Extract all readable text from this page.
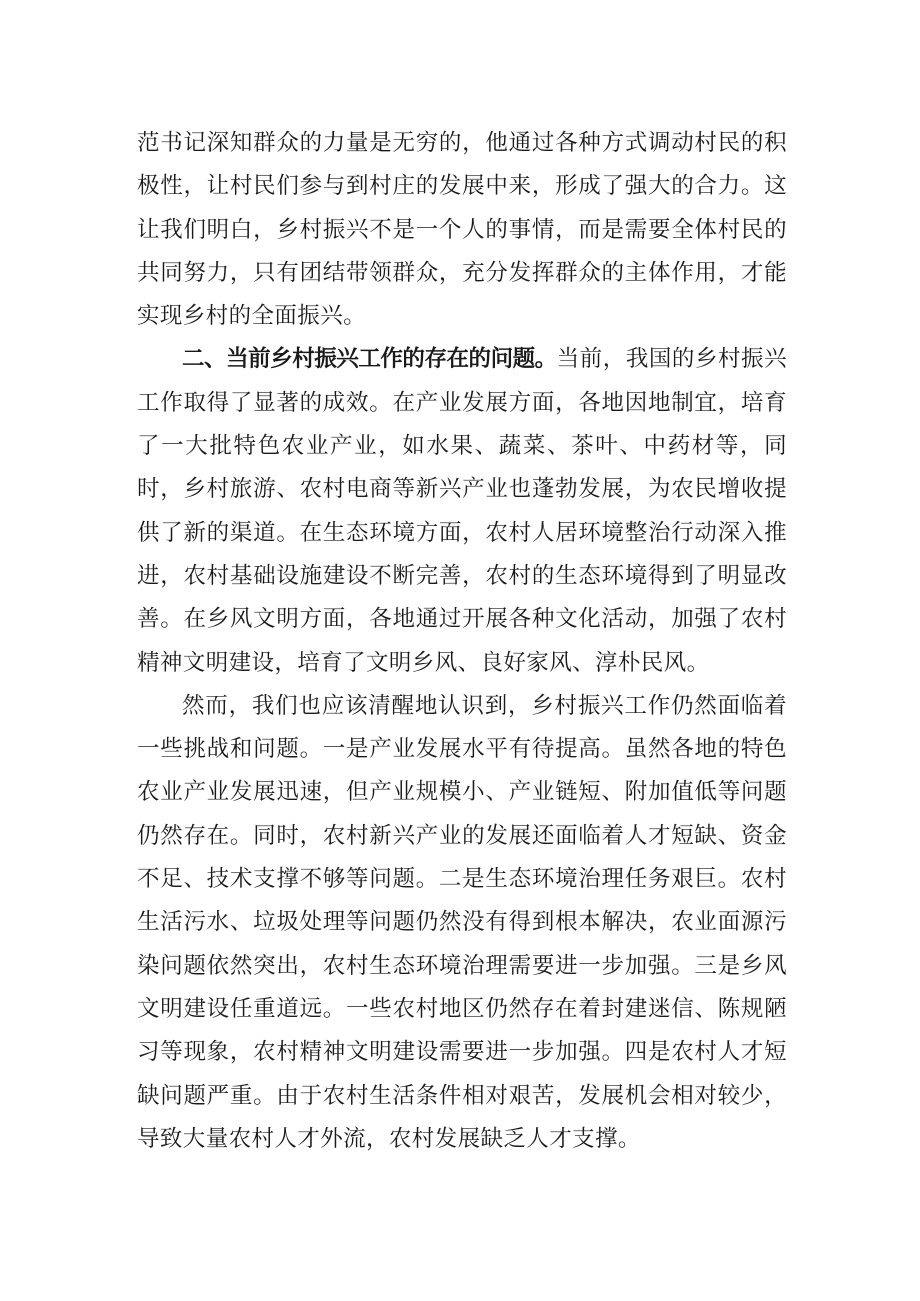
范书记深知群众的力量是无穷的，他通过各种方式调动村民的积极性，让村民们参与到村庄的发展中来，形成了强大的合力。这让我们明白，乡村振兴不是一个人的事情，而是需要全体村民的共同努力，只有团结带领群众，充分发挥群众的主体作用，才能实现乡村的全面振兴。

二、当前乡村振兴工作的存在的问题。当前，我国的乡村振兴工作取得了显著的成效。在产业发展方面，各地因地制宜，培育了一大批特色农业产业，如水果、蔬菜、茶叶、中药材等，同时，乡村旅游、农村电商等新兴产业也蓬勃发展，为农民增收提供了新的渠道。在生态环境方面，农村人居环境整治行动深入推进，农村基础设施建设不断完善，农村的生态环境得到了明显改善。在乡风文明方面，各地通过开展各种文化活动，加强了农村精神文明建设，培育了文明乡风、良好家风、淳朴民风。

然而，我们也应该清醒地认识到，乡村振兴工作仍然面临着一些挑战和问题。一是产业发展水平有待提高。虽然各地的特色农业产业发展迅速，但产业规模小、产业链短、附加值低等问题仍然存在。同时，农村新兴产业的发展还面临着人才短缺、资金不足、技术支撑不够等问题。二是生态环境治理任务艰巨。农村生活污水、垃圾处理等问题仍然没有得到根本解决，农业面源污染问题依然突出，农村生态环境治理需要进一步加强。三是乡风文明建设任重道远。一些农村地区仍然存在着封建迷信、陈规陋习等现象，农村精神文明建设需要进一步加强。四是农村人才短缺问题严重。由于农村生活条件相对艰苦，发展机会相对较少，导致大量农村人才外流，农村发展缺乏人才支撑。
